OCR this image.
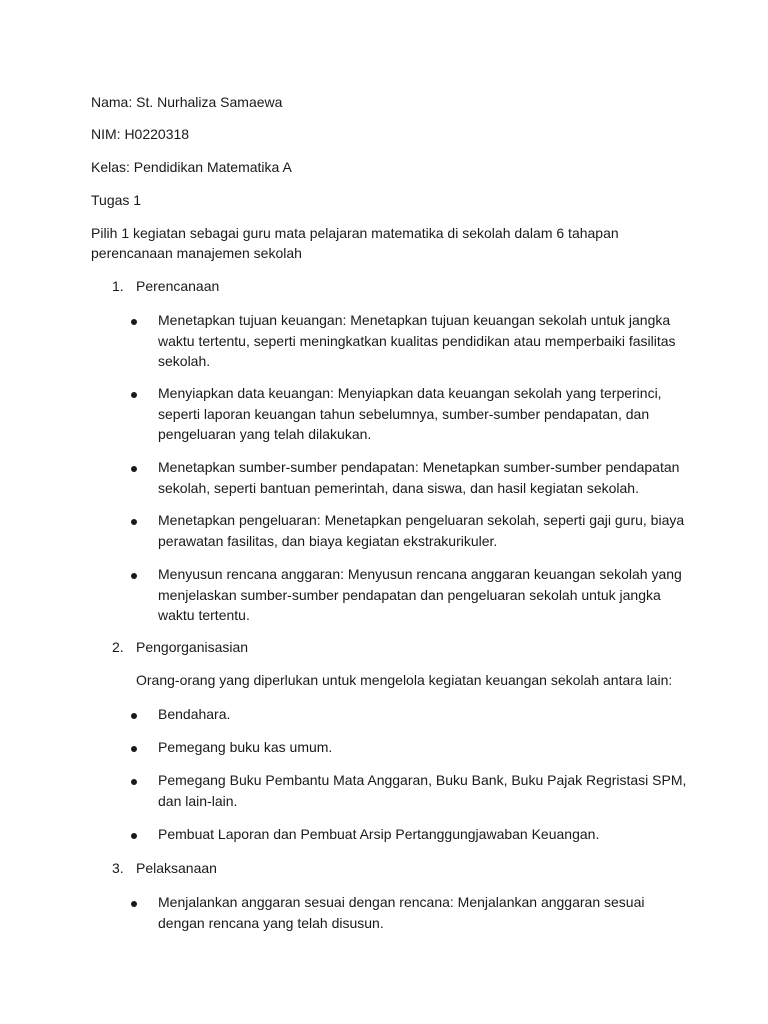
Nama: St. Nurhaliza Samaewa
NIM: H0220318
Kelas: Pendidikan Matematika A
Tugas 1
Pilih 1 kegiatan sebagai guru mata pelajaran matematika di sekolah dalam 6 tahapan
perencanaan manajemen sekolah
1. Perencanaan
Menetapkan tujuan keuangan: Menetapkan tujuan keuangan sekolah untuk jangka waktu tertentu, seperti meningkatkan kualitas pendidikan atau memperbaiki fasilitas sekolah.
Menyiapkan data keuangan: Menyiapkan data keuangan sekolah yang terperinci, seperti laporan keuangan tahun sebelumnya, sumber-sumber pendapatan, dan pengeluaran yang telah dilakukan.
Menetapkan sumber-sumber pendapatan: Menetapkan sumber-sumber pendapatan sekolah, seperti bantuan pemerintah, dana siswa, dan hasil kegiatan sekolah.
Menetapkan pengeluaran: Menetapkan pengeluaran sekolah, seperti gaji guru, biaya perawatan fasilitas, dan biaya kegiatan ekstrakurikuler.
Menyusun rencana anggaran: Menyusun rencana anggaran keuangan sekolah yang menjelaskan sumber-sumber pendapatan dan pengeluaran sekolah untuk jangka waktu tertentu.
2. Pengorganisasian
Orang-orang yang diperlukan untuk mengelola kegiatan keuangan sekolah antara lain:
Bendahara.
Pemegang buku kas umum.
Pemegang Buku Pembantu Mata Anggaran, Buku Bank, Buku Pajak Regristasi SPM, dan lain-lain.
Pembuat Laporan dan Pembuat Arsip Pertanggungjawaban Keuangan.
3. Pelaksanaan
Menjalankan anggaran sesuai dengan rencana: Menjalankan anggaran sesuai dengan rencana yang telah disusun.
